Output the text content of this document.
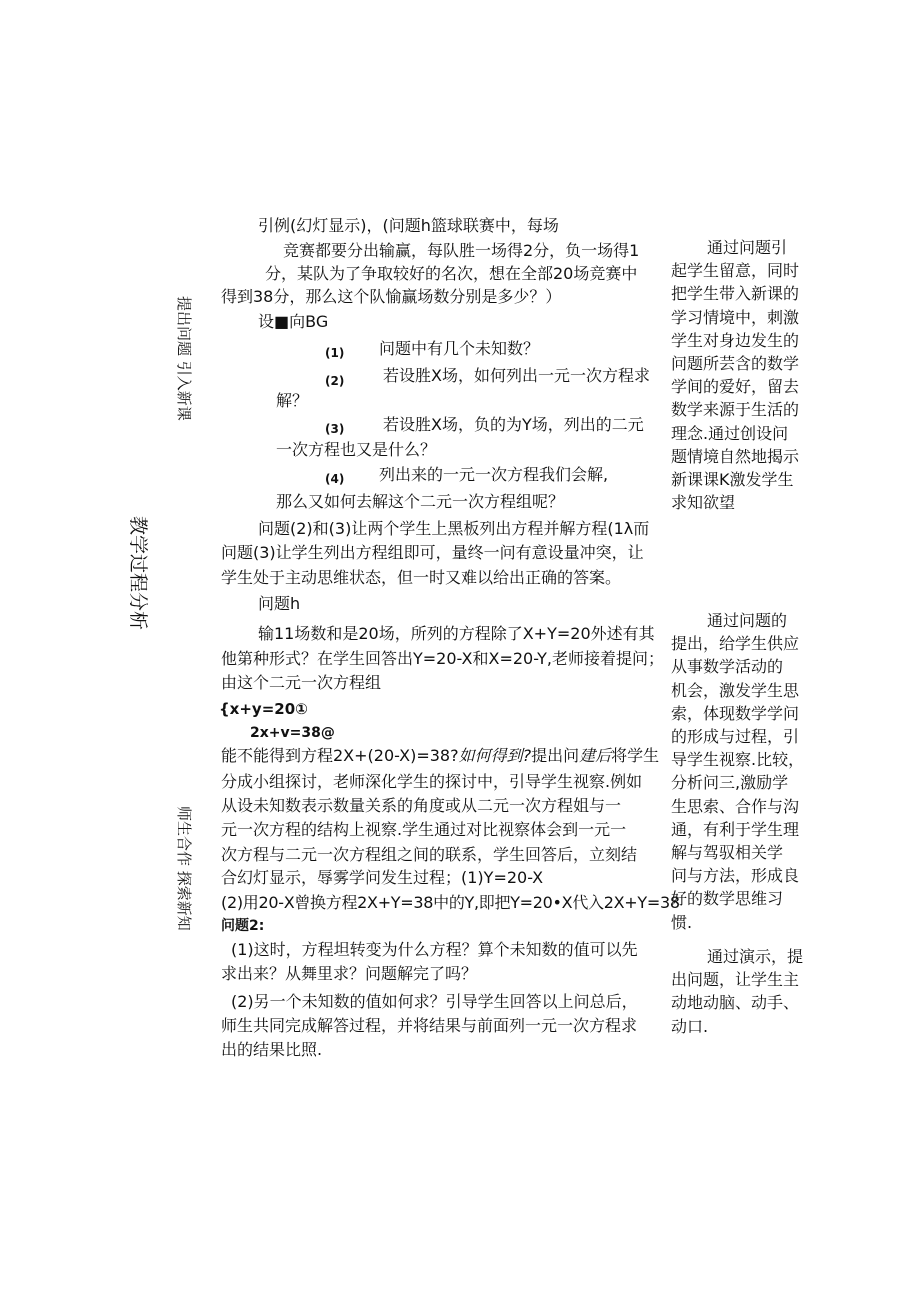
提出问题 引入新课
教学过程分析
师生合作 探索新知
引例(幻灯显示)，(问题h篮球联赛中，每场
竞赛都要分出输赢，每队胜一场得2分，负一场得1
分，某队为了争取较好的名次，想在全部20场竞赛中
得到38分，那么这个队愉赢场数分别是多少？）
设■向BG
(1) 问题中有几个未知数？
(2) 若设胜X场，如何列出一元一次方程求
解？
(3) 若设胜X场，负的为Y场，列出的二元
一次方程也又是什么？
(4) 列出来的一元一次方程我们会解,
那么又如何去解这个二元一次方程组呢？
问题(2)和(3)让两个学生上黑板列出方程并解方程(1λ而
问题(3)让学生列出方程组即可，量终一问有意设量冲突，让
学生处于主动思维状态，但一时又难以给出正确的答案。
问题h
输11场数和是20场，所列的方程除了X+Y=20外述有其
他第种形式？在学生回答出Y=20-X和X=20-Y,老师接着提问；
由这个二元一次方程组
{x+y=20①
2x+v=38@
能不能得到方程2X+(20-X)=38?如何得到?提出问建后将学生
分成小组探讨，老师深化学生的探讨中，引导学生视察.例如
从设未知数表示数量关系的角度或从二元一次方程姐与一
元一次方程的结构上视察.学生通过对比视察体会到一元一
次方程与二元一次方程组之间的联系，学生回答后，立刻结
合幻灯显示，辱雾学问发生过程；(1)Y=20-X
(2)用20-X曾换方程2X+Y=38中的Y,即把Y=20•X代入2X+Y=38
问题2:
(1)这时，方程坦转变为什么方程？算个未知数的值可以先
求出来？从舞里求？问题解完了吗？
(2)另一个未知数的值如何求？引导学生回答以上问总后，
师生共同完成解答过程，并将结果与前面列一元一次方程求
出的结果比照.
通过问题引
起学生留意，同时
把学生带入新课的
学习情境中，刺激
学生对身边发生的
问题所芸含的数学
学间的爱好，留去
数学来源于生活的
理念.通过创设问
题情境自然地揭示
新课课K激发学生
求知欲望
通过问题的
提出，给学生供应
从事数学活动的
机会，激发学生思
索，体现数学学问
的形成与过程，引
导学生视察.比较，
分析问三,激励学
生思索、合作与沟
通，有利于学生理
解与驾驭相关学
问与方法，形成良
好的数学思维习
惯.
通过演示，提
出问题，让学生主
动地动脑、动手、
动口.
